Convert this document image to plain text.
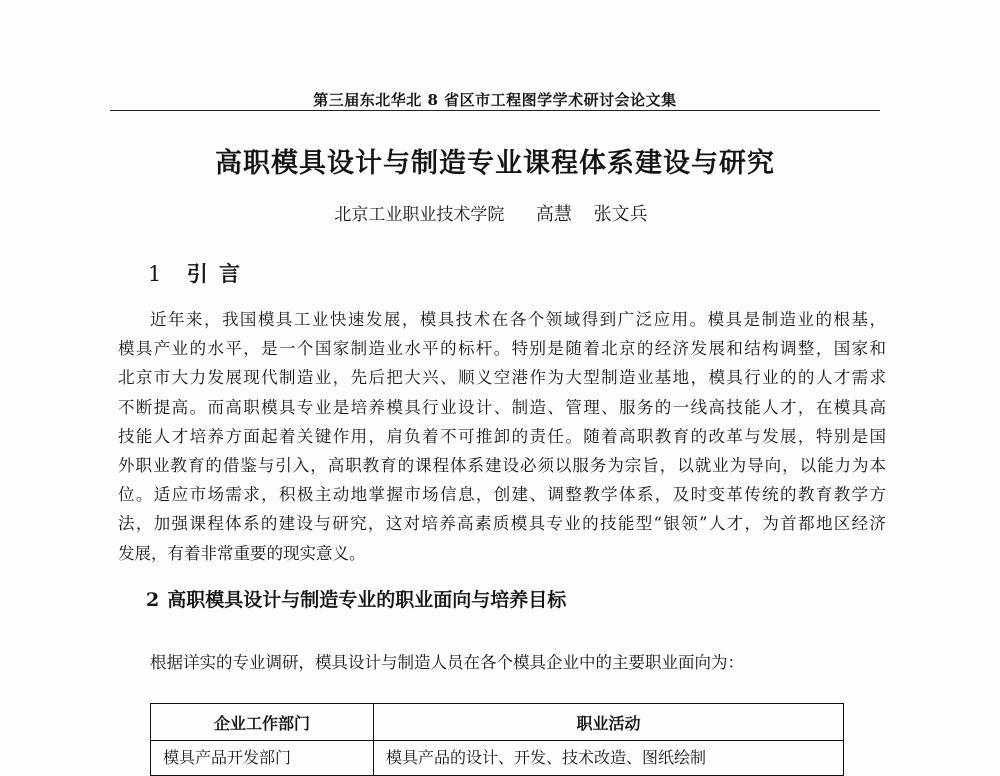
第三届东北华北 8 省区市工程图学学术研讨会论文集
高职模具设计与制造专业课程体系建设与研究
北京工业职业技术学院 高慧 张文兵
1 引 言
近年来，我国模具工业快速发展，模具技术在各个领域得到广泛应用。模具是制造业的根基，
模具产业的水平，是一个国家制造业水平的标杆。特别是随着北京的经济发展和结构调整，国家和
北京市大力发展现代制造业，先后把大兴、顺义空港作为大型制造业基地，模具行业的的人才需求
不断提高。而高职模具专业是培养模具行业设计、制造、管理、服务的一线高技能人才，在模具高
技能人才培养方面起着关键作用，肩负着不可推卸的责任。随着高职教育的改革与发展，特别是国
外职业教育的借鉴与引入，高职教育的课程体系建设必须以服务为宗旨，以就业为导向，以能力为本
位。适应市场需求，积极主动地掌握市场信息，创建、调整教学体系，及时变革传统的教育教学方
法，加强课程体系的建设与研究，这对培养高素质模具专业的技能型“银领”人才，为首都地区经济
发展，有着非常重要的现实意义。
2 高职模具设计与制造专业的职业面向与培养目标
根据详实的专业调研，模具设计与制造人员在各个模具企业中的主要职业面向为：
企业工作部门	职业活动
模具产品开发部门	模具产品的设计、开发、技术改造、图纸绘制
